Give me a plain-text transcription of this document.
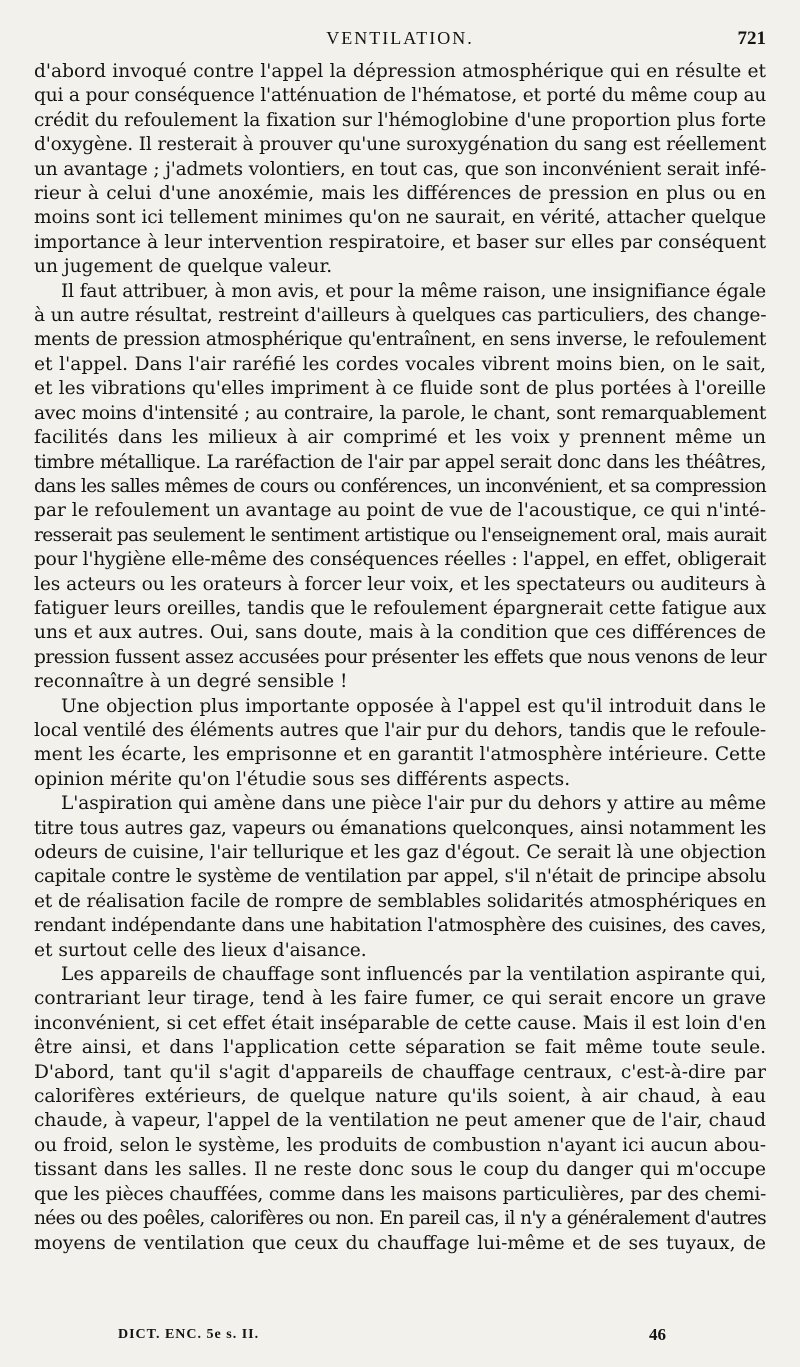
VENTILATION.	721

d'abord invoqué contre l'appel la dépression atmosphérique qui en résulte et
qui a pour conséquence l'atténuation de l'hématose, et porté du même coup au
crédit du refoulement la fixation sur l'hémoglobine d'une proportion plus forte
d'oxygène. Il resterait à prouver qu'une suroxygénation du sang est réellement
un avantage ; j'admets volontiers, en tout cas, que son inconvénient serait infé-
rieur à celui d'une anoxémie, mais les différences de pression en plus ou en
moins sont ici tellement minimes qu'on ne saurait, en vérité, attacher quelque
importance à leur intervention respiratoire, et baser sur elles par conséquent
un jugement de quelque valeur.

Il faut attribuer, à mon avis, et pour la même raison, une insignifiance égale
à un autre résultat, restreint d'ailleurs à quelques cas particuliers, des change-
ments de pression atmosphérique qu'entraînent, en sens inverse, le refoulement
et l'appel. Dans l'air raréfié les cordes vocales vibrent moins bien, on le sait,
et les vibrations qu'elles impriment à ce fluide sont de plus portées à l'oreille
avec moins d'intensité ; au contraire, la parole, le chant, sont remarquablement
facilités dans les milieux à air comprimé et les voix y prennent même un
timbre métallique. La raréfaction de l'air par appel serait donc dans les théâtres,
dans les salles mêmes de cours ou conférences, un inconvénient, et sa compression
par le refoulement un avantage au point de vue de l'acoustique, ce qui n'inté-
resserait pas seulement le sentiment artistique ou l'enseignement oral, mais aurait
pour l'hygiène elle-même des conséquences réelles : l'appel, en effet, obligerait
les acteurs ou les orateurs à forcer leur voix, et les spectateurs ou auditeurs à
fatiguer leurs oreilles, tandis que le refoulement épargnerait cette fatigue aux
uns et aux autres. Oui, sans doute, mais à la condition que ces différences de
pression fussent assez accusées pour présenter les effets que nous venons de leur
reconnaître à un degré sensible !

Une objection plus importante opposée à l'appel est qu'il introduit dans le
local ventilé des éléments autres que l'air pur du dehors, tandis que le refoule-
ment les écarte, les emprisonne et en garantit l'atmosphère intérieure. Cette
opinion mérite qu'on l'étudie sous ses différents aspects.

L'aspiration qui amène dans une pièce l'air pur du dehors y attire au même
titre tous autres gaz, vapeurs ou émanations quelconques, ainsi notamment les
odeurs de cuisine, l'air tellurique et les gaz d'égout. Ce serait là une objection
capitale contre le système de ventilation par appel, s'il n'était de principe absolu
et de réalisation facile de rompre de semblables solidarités atmosphériques en
rendant indépendante dans une habitation l'atmosphère des cuisines, des caves,
et surtout celle des lieux d'aisance.

Les appareils de chauffage sont influencés par la ventilation aspirante qui,
contrariant leur tirage, tend à les faire fumer, ce qui serait encore un grave
inconvénient, si cet effet était inséparable de cette cause. Mais il est loin d'en
être ainsi, et dans l'application cette séparation se fait même toute seule.
D'abord, tant qu'il s'agit d'appareils de chauffage centraux, c'est-à-dire par
calorifères extérieurs, de quelque nature qu'ils soient, à air chaud, à eau
chaude, à vapeur, l'appel de la ventilation ne peut amener que de l'air, chaud
ou froid, selon le système, les produits de combustion n'ayant ici aucun abou-
tissant dans les salles. Il ne reste donc sous le coup du danger qui m'occupe
que les pièces chauffées, comme dans les maisons particulières, par des chemi-
nées ou des poêles, calorifères ou non. En pareil cas, il n'y a généralement d'autres
moyens de ventilation que ceux du chauffage lui-même et de ses tuyaux, de

DICT. ENC. 5e s. II.	46
